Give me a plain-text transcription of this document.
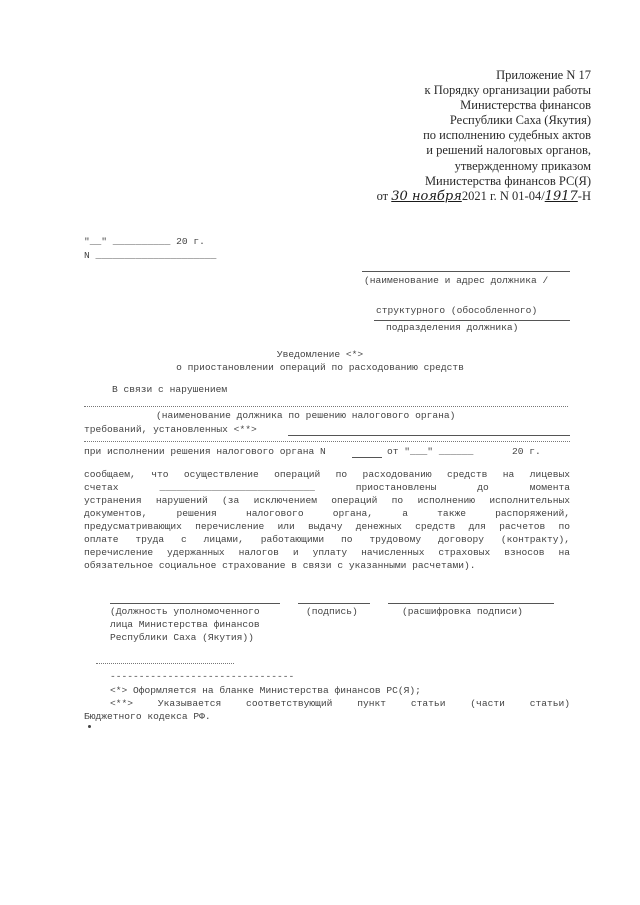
Приложение N 17
к Порядку организации работы
Министерства финансов
Республики Саха (Якутия)
по исполнению судебных актов
и решений налоговых органов,
утвержденному приказом
Министерства финансов РС(Я)
от 30 ноября2021 г. N 01-04/1917-Н
"__" __________ 20 г.
N _____________________
(наименование и адрес должника /
структурного (обособленного)
подразделения должника)
Уведомление <*>
о приостановлении операций по расходованию средств
В связи с нарушением
(наименование должника по решению налогового органа)
требований, установленных <**>
при исполнении решения налогового органа N	от "___" ______	20 г.
сообщаем, что осуществление операций по расходованию средств на лицевых
счетах ___________________________ приостановлены до момента
устранения нарушений (за исключением операций по исполнению исполнительных
документов, решения налогового органа, а также распоряжений,
предусматривающих перечисление или выдачу денежных средств для расчетов по
оплате труда с лицами, работающими по трудовому договору (контракту),
перечисление удержанных налогов и уплату начисленных страховых взносов на
обязательное социальное страхование в связи с указанными расчетами).
(Должность уполномоченного	(подпись)	(расшифровка подписи)
лица Министерства финансов
Республики Саха (Якутия))
--------------------------------
<*> Оформляется на бланке Министерства финансов РС(Я);
<**> Указывается соответствующий пункт статьи (части статьи)
Бюджетного кодекса РФ.
